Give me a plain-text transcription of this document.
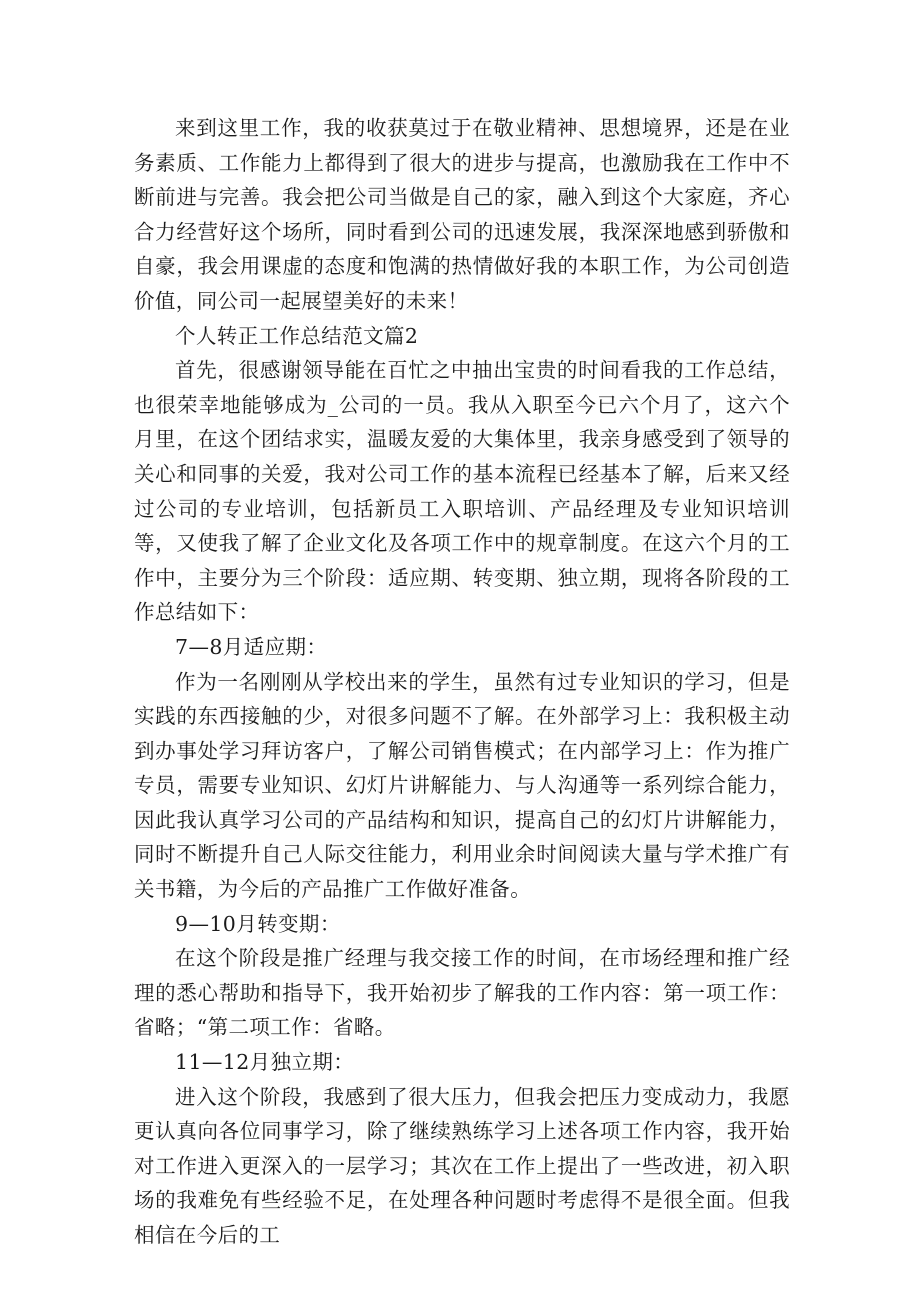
来到这里工作，我的收获莫过于在敬业精神、思想境界，还是在业务素质、工作能力上都得到了很大的进步与提高，也激励我在工作中不断前进与完善。我会把公司当做是自己的家，融入到这个大家庭，齐心合力经营好这个场所，同时看到公司的迅速发展，我深深地感到骄傲和自豪，我会用课虚的态度和饱满的热情做好我的本职工作，为公司创造价值，同公司一起展望美好的未来！

个人转正工作总结范文篇2

首先，很感谢领导能在百忙之中抽出宝贵的时间看我的工作总结，也很荣幸地能够成为_公司的一员。我从入职至今已六个月了，这六个月里，在这个团结求实，温暖友爱的大集体里，我亲身感受到了领导的关心和同事的关爱，我对公司工作的基本流程已经基本了解，后来又经过公司的专业培训，包括新员工入职培训、产品经理及专业知识培训等，又使我了解了企业文化及各项工作中的规章制度。在这六个月的工作中，主要分为三个阶段：适应期、转变期、独立期，现将各阶段的工作总结如下：

7—8月适应期：

作为一名刚刚从学校出来的学生，虽然有过专业知识的学习，但是实践的东西接触的少，对很多问题不了解。在外部学习上：我积极主动到办事处学习拜访客户，了解公司销售模式；在内部学习上：作为推广专员，需要专业知识、幻灯片讲解能力、与人沟通等一系列综合能力，因此我认真学习公司的产品结构和知识，提高自己的幻灯片讲解能力，同时不断提升自己人际交往能力，利用业余时间阅读大量与学术推广有关书籍，为今后的产品推广工作做好准备。

9—10月转变期：

在这个阶段是推广经理与我交接工作的时间，在市场经理和推广经理的悉心帮助和指导下，我开始初步了解我的工作内容：第一项工作：省略；“第二项工作：省略。

11—12月独立期：

进入这个阶段，我感到了很大压力，但我会把压力变成动力，我愿更认真向各位同事学习，除了继续熟练学习上述各项工作内容，我开始对工作进入更深入的一层学习；其次在工作上提出了一些改进，初入职场的我难免有些经验不足，在处理各种问题时考虑得不是很全面。但我相信在今后的工
